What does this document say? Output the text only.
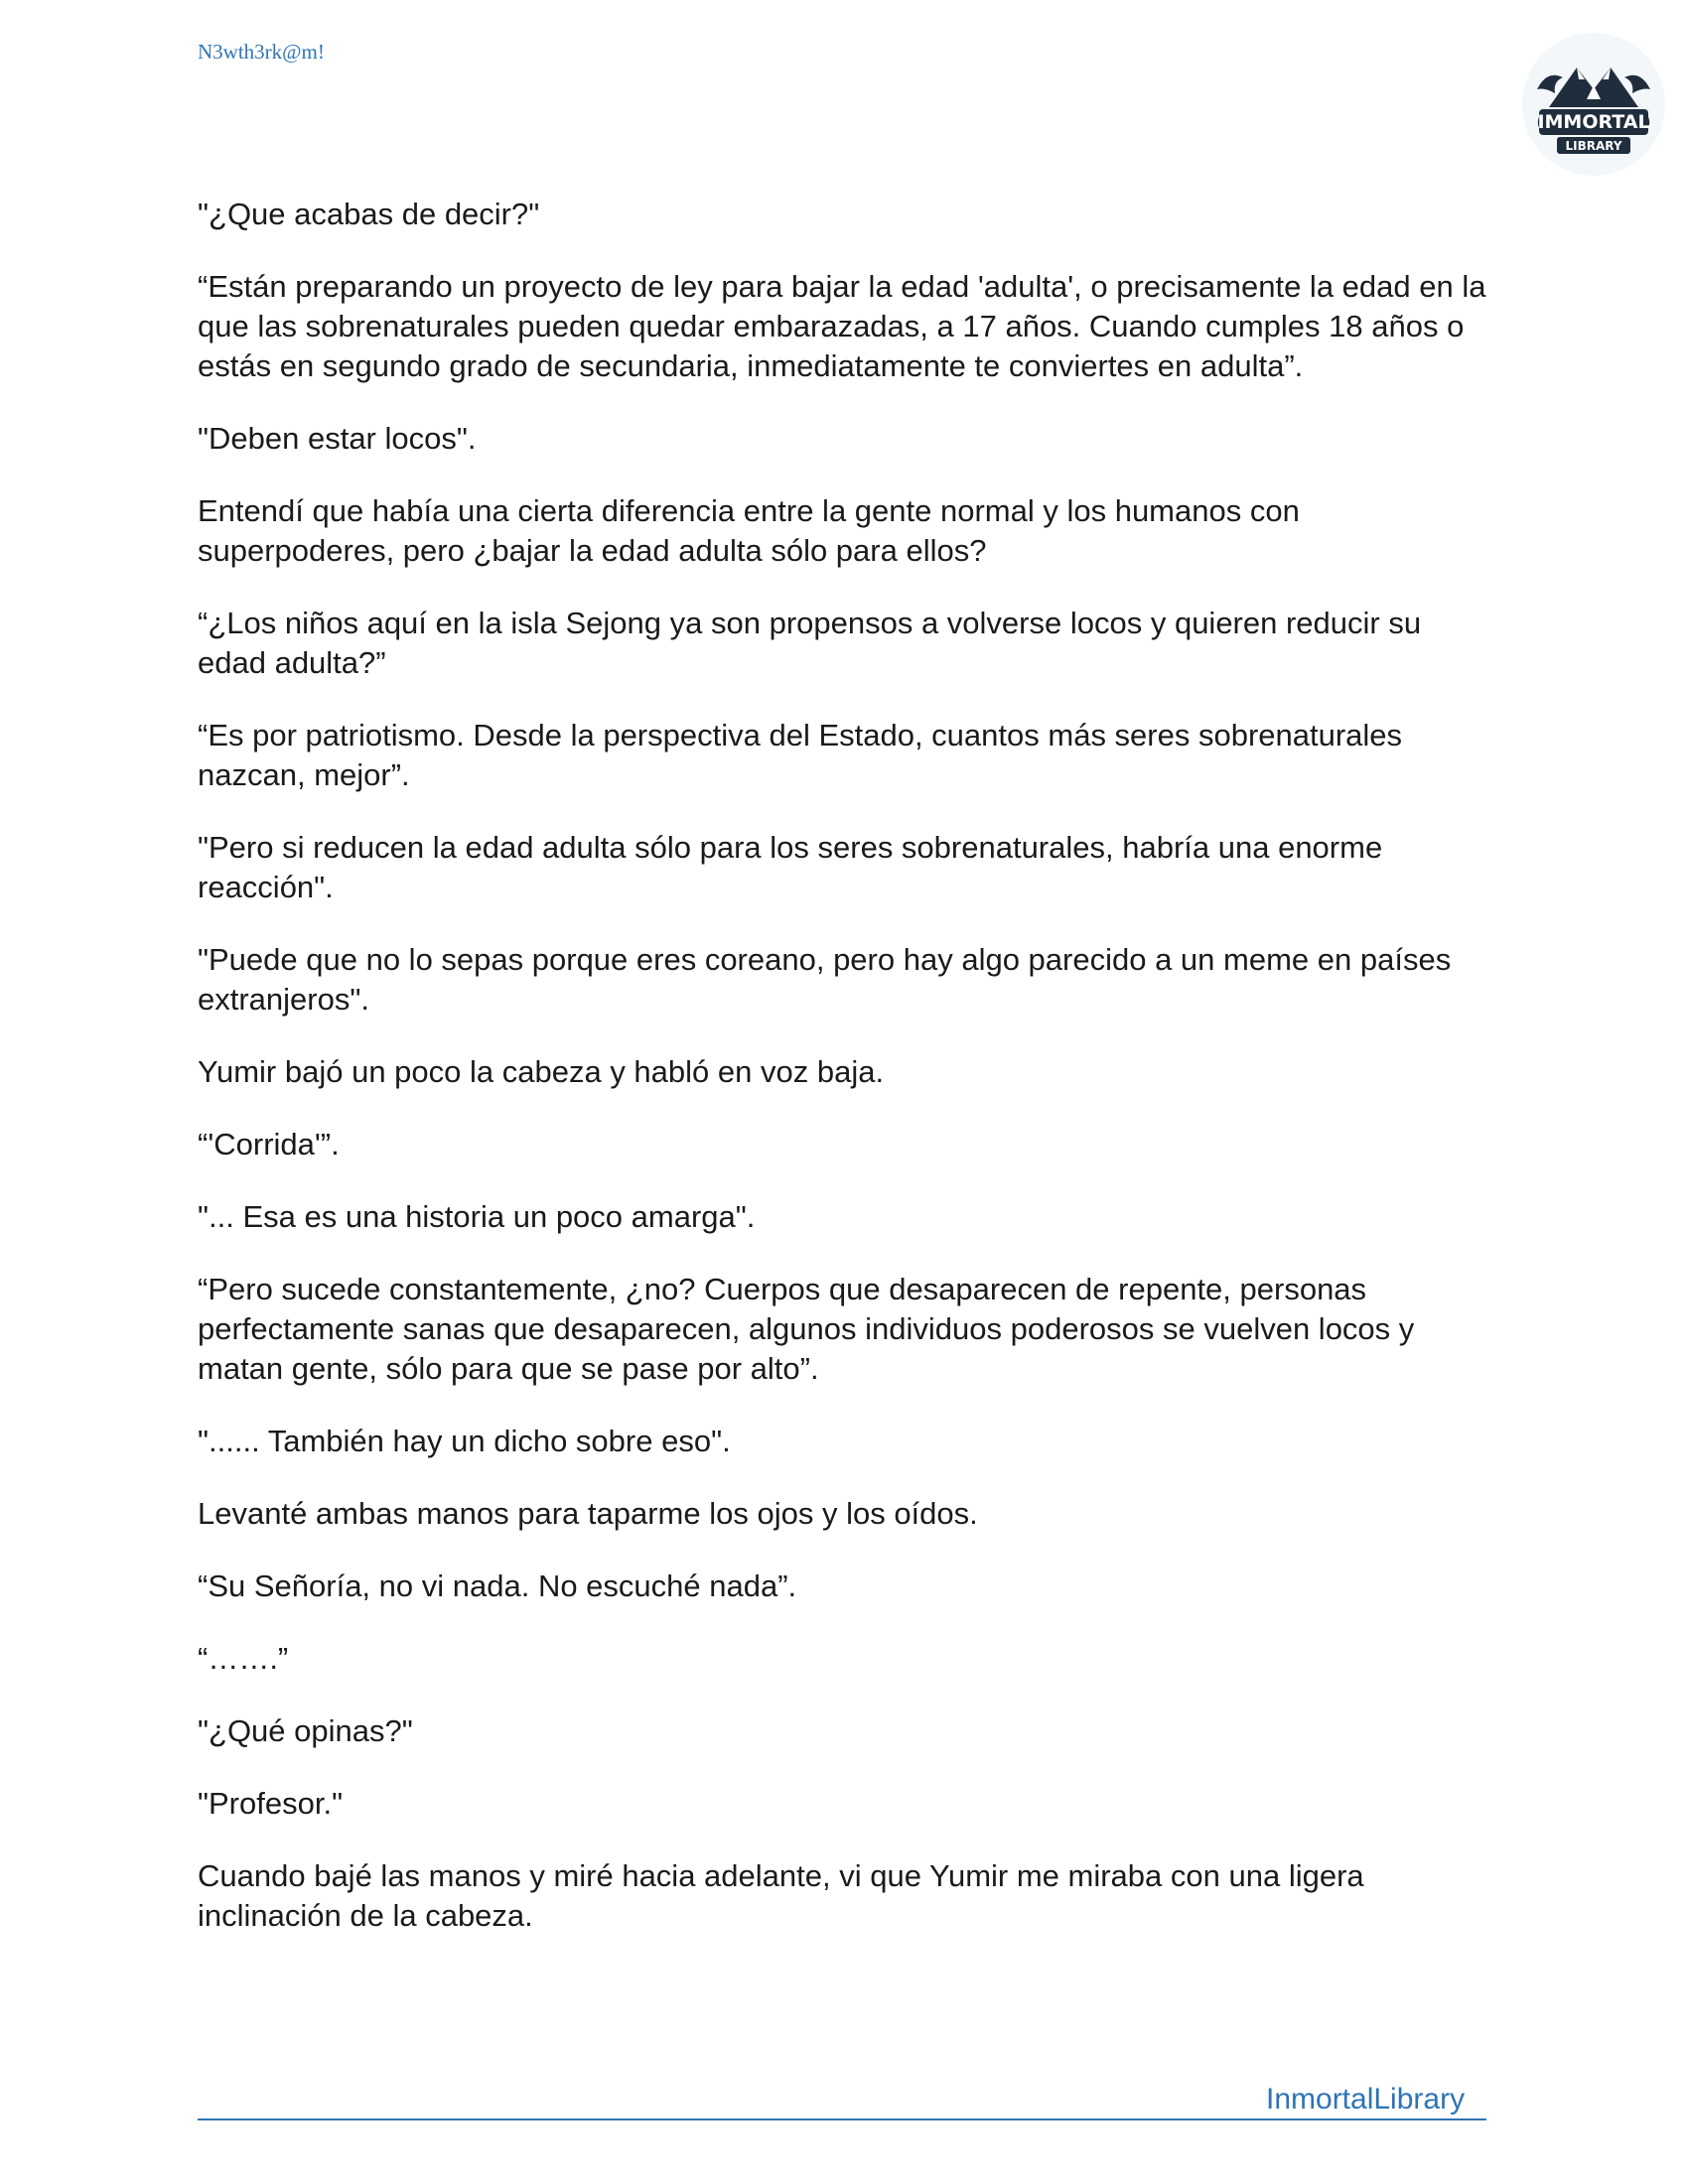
N3wth3rk@m!
IMMORTAL
LIBRARY

"¿Que acabas de decir?"

“Están preparando un proyecto de ley para bajar la edad 'adulta', o precisamente la edad en la que las sobrenaturales pueden quedar embarazadas, a 17 años. Cuando cumples 18 años o estás en segundo grado de secundaria, inmediatamente te conviertes en adulta”.

"Deben estar locos".

Entendí que había una cierta diferencia entre la gente normal y los humanos con superpoderes, pero ¿bajar la edad adulta sólo para ellos?

“¿Los niños aquí en la isla Sejong ya son propensos a volverse locos y quieren reducir su edad adulta?”

“Es por patriotismo. Desde la perspectiva del Estado, cuantos más seres sobrenaturales nazcan, mejor”.

"Pero si reducen la edad adulta sólo para los seres sobrenaturales, habría una enorme reacción".

"Puede que no lo sepas porque eres coreano, pero hay algo parecido a un meme en países extranjeros".

Yumir bajó un poco la cabeza y habló en voz baja.

“'Corrida'”.

"... Esa es una historia un poco amarga".

“Pero sucede constantemente, ¿no? Cuerpos que desaparecen de repente, personas perfectamente sanas que desaparecen, algunos individuos poderosos se vuelven locos y matan gente, sólo para que se pase por alto”.

"...... También hay un dicho sobre eso".

Levanté ambas manos para taparme los ojos y los oídos.

“Su Señoría, no vi nada. No escuché nada”.

“…….”

"¿Qué opinas?"

"Profesor."

Cuando bajé las manos y miré hacia adelante, vi que Yumir me miraba con una ligera inclinación de la cabeza.

InmortalLibrary
